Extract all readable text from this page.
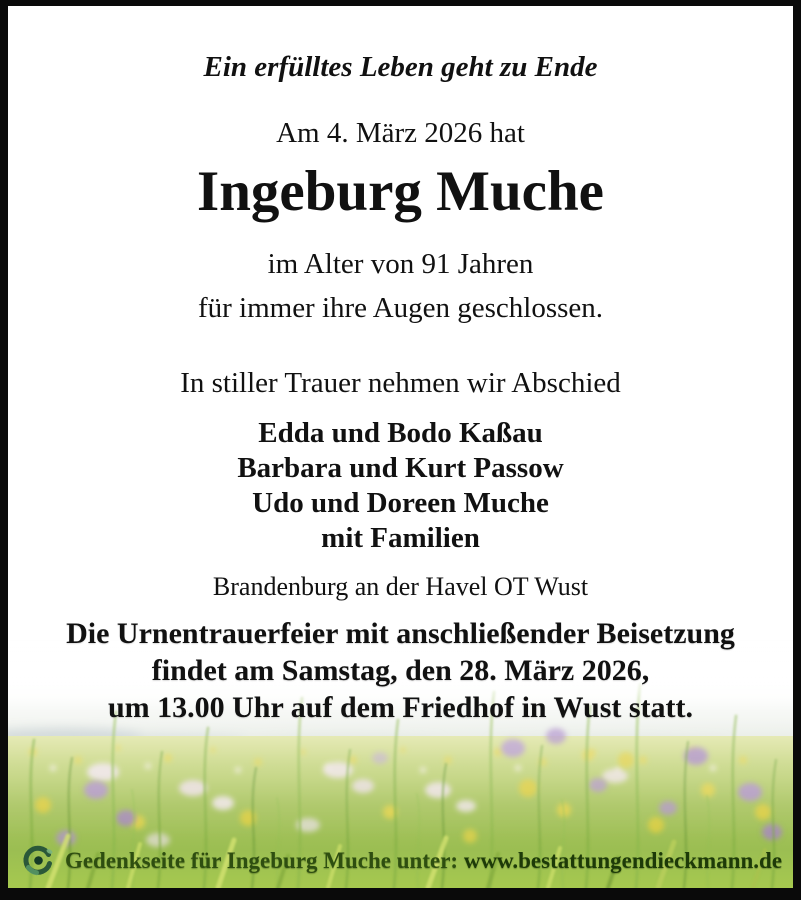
Ein erfülltes Leben geht zu Ende
Am 4. März 2026 hat
Ingeburg Muche
im Alter von 91 Jahren
für immer ihre Augen geschlossen.
In stiller Trauer nehmen wir Abschied
Edda und Bodo Kaßau
Barbara und Kurt Passow
Udo und Doreen Muche
mit Familien
Brandenburg an der Havel OT Wust
Die Urnentrauerfeier mit anschließender Beisetzung
findet am Samstag, den 28. März 2026,
um 13.00 Uhr auf dem Friedhof in Wust statt.
Gedenkseite für Ingeburg Muche unter: www.bestattungendieckmann.de
